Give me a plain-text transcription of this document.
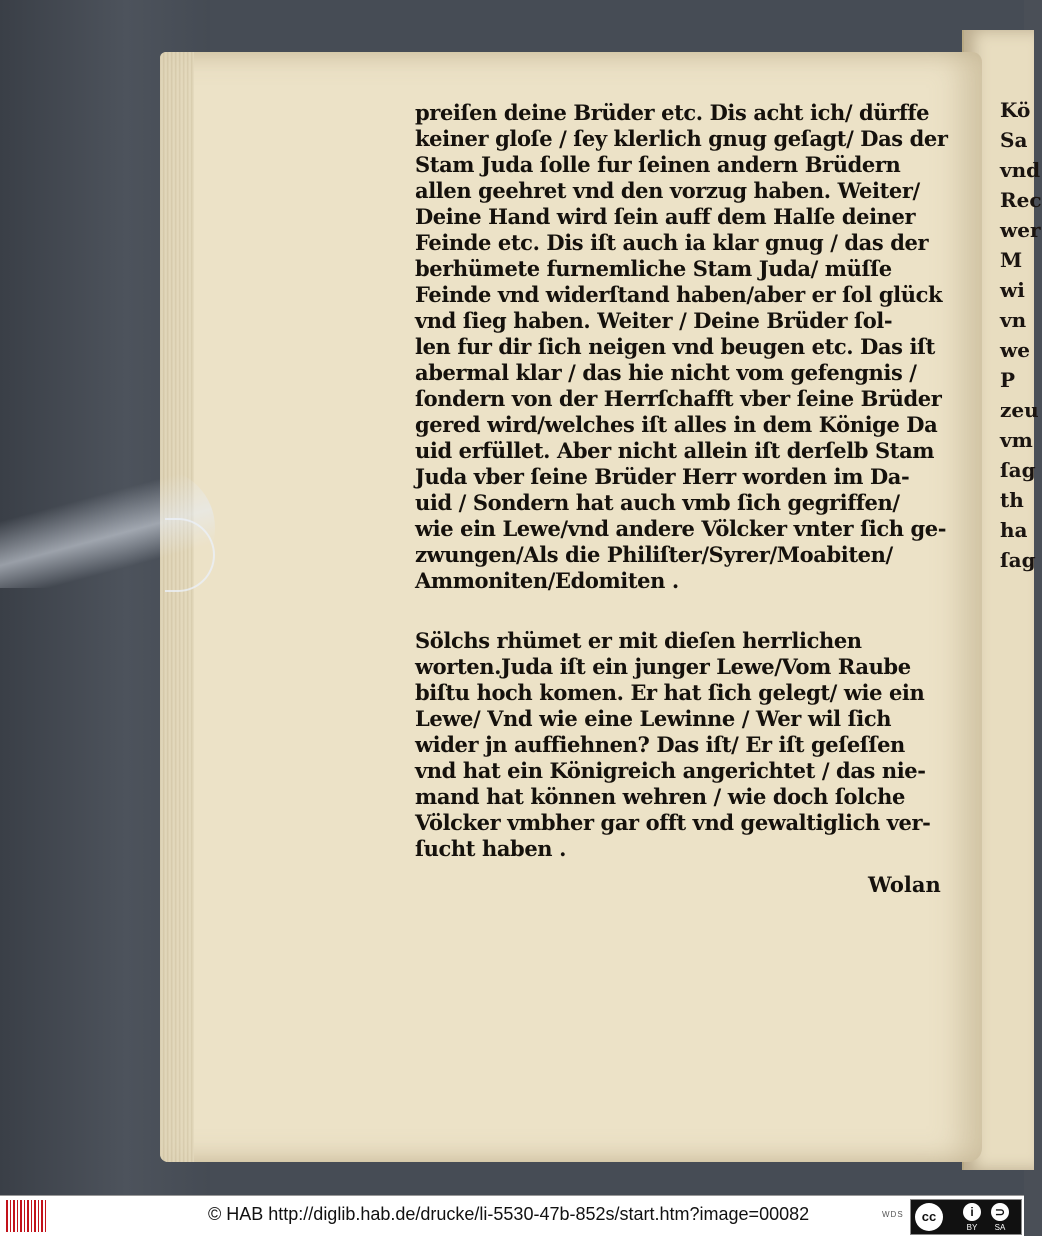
Kö
Sa
vnd
Rec
wer
M
wi
vn
we
P
zeu
vm
ſag
th
ha
ſag
preiſen deine Brüder etc. Dis acht ich/ dürffe
keiner gloſe / ſey klerlich gnug geſagt/ Das der
Stam Juda ſolle fur ſeinen andern Brüdern
allen geehret vnd den vorzug haben. Weiter/
Deine Hand wird ſein auff dem Halſe deiner
Feinde etc. Dis iſt auch ia klar gnug / das der
berhümete furnemliche Stam Juda/ müſſe
Feinde vnd widerſtand haben/aber er ſol glück
vnd ſieg haben. Weiter / Deine Brüder ſol-
len fur dir ſich neigen vnd beugen etc. Das iſt
abermal klar / das hie nicht vom gefengnis /
ſondern von der Herrſchafft vber ſeine Brüder
gered wird/welches iſt alles in dem Könige Da
uid erfüllet. Aber nicht allein iſt derſelb Stam
Juda vber ſeine Brüder Herr worden im Da-
uid / Sondern hat auch vmb ſich gegriffen/
wie ein Lewe/vnd andere Völcker vnter ſich ge-
zwungen/Als die Philiſter/Syrer/Moabiten/
Ammoniten/Edomiten .
Sölchs rhümet er mit dieſen herrlichen
worten.Juda iſt ein junger Lewe/Vom Raube
biſtu hoch komen. Er hat ſich gelegt/ wie ein
Lewe/ Vnd wie eine Lewinne / Wer wil ſich
wider jn auffiehnen? Das iſt/ Er iſt geſeſſen
vnd hat ein Königreich angerichtet / das nie-
mand hat können wehren / wie doch ſolche
Völcker vmbher gar offt vnd gewaltiglich ver-
ſucht haben .
Wolan
© HAB http://diglib.hab.de/drucke/li-5530-47b-852s/start.htm?image=00082	WDS	cc	i
BY
⊃
SA
